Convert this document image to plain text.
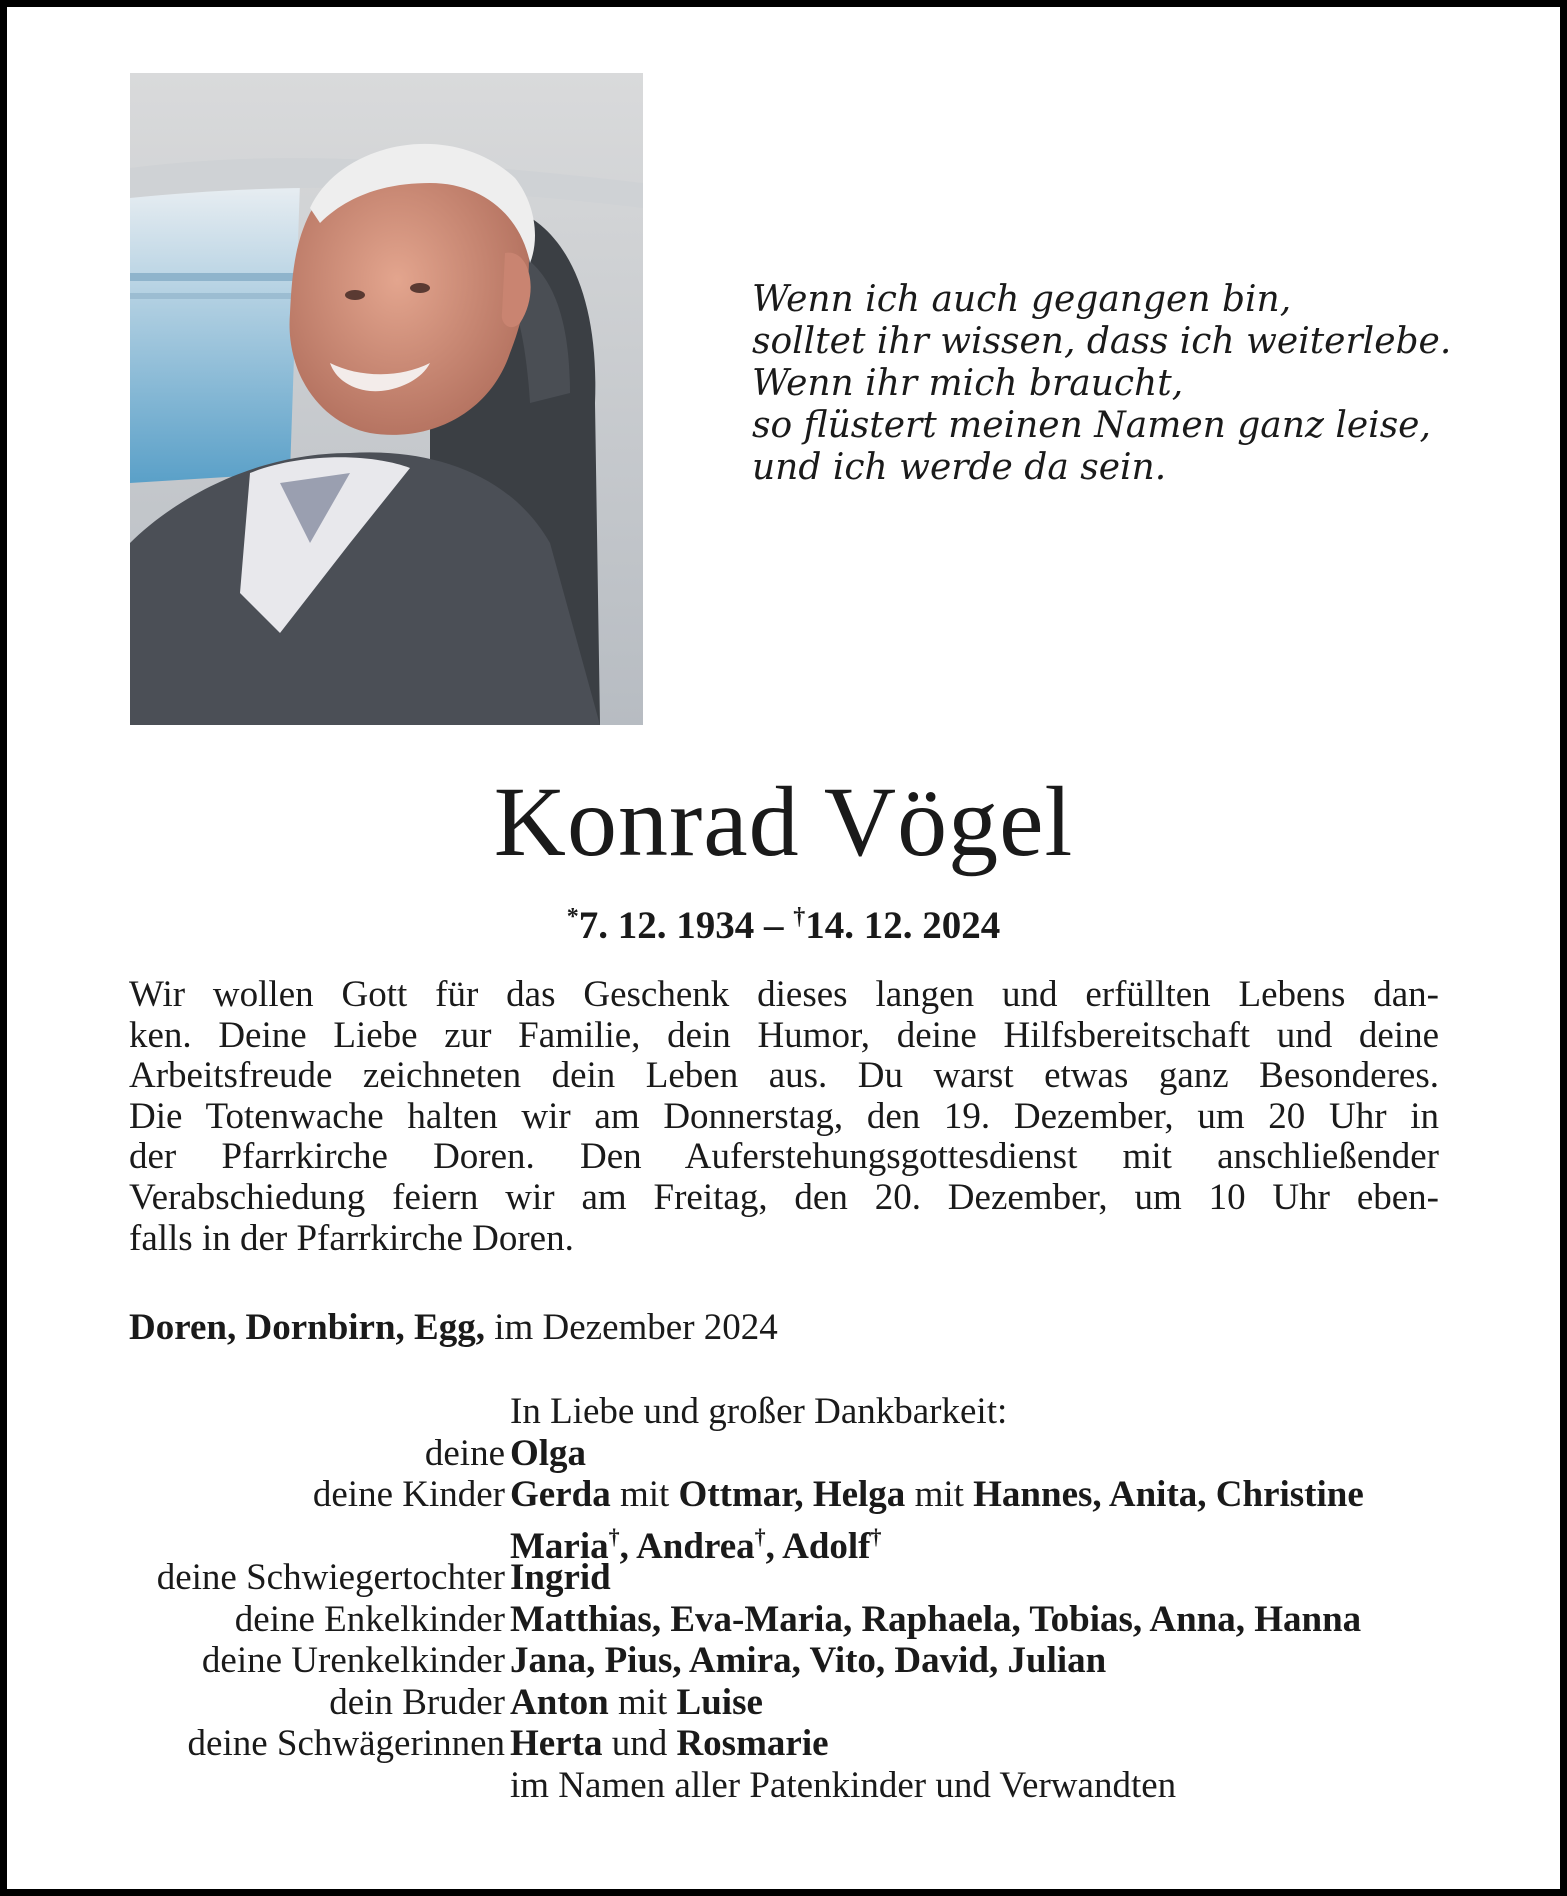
Wenn ich auch gegangen bin,
solltet ihr wissen, dass ich weiterlebe.
Wenn ihr mich braucht,
so flüstert meinen Namen ganz leise,
und ich werde da sein.
Konrad Vögel
*7. 12. 1934 – †14. 12. 2024
Wir wollen Gott für das Geschenk dieses langen und erfüllten Lebens dan-
ken. Deine Liebe zur Familie, dein Humor, deine Hilfsbereitschaft und deine
Arbeitsfreude zeichneten dein Leben aus. Du warst etwas ganz Besonderes.
Die Totenwache halten wir am Donnerstag, den 19. Dezember, um 20 Uhr in
der Pfarrkirche Doren. Den Auferstehungsgottesdienst mit anschließender
Verabschiedung feiern wir am Freitag, den 20. Dezember, um 10 Uhr eben-
falls in der Pfarrkirche Doren.
Doren, Dornbirn, Egg, im Dezember 2024
In Liebe und großer Dankbarkeit:
deine Olga
deine Kinder Gerda mit Ottmar, Helga mit Hannes, Anita, Christine
Maria†, Andrea†, Adolf†
deine Schwiegertochter Ingrid
deine Enkelkinder Matthias, Eva-Maria, Raphaela, Tobias, Anna, Hanna
deine Urenkelkinder Jana, Pius, Amira, Vito, David, Julian
dein Bruder Anton mit Luise
deine Schwägerinnen Herta und Rosmarie
im Namen aller Patenkinder und Verwandten
